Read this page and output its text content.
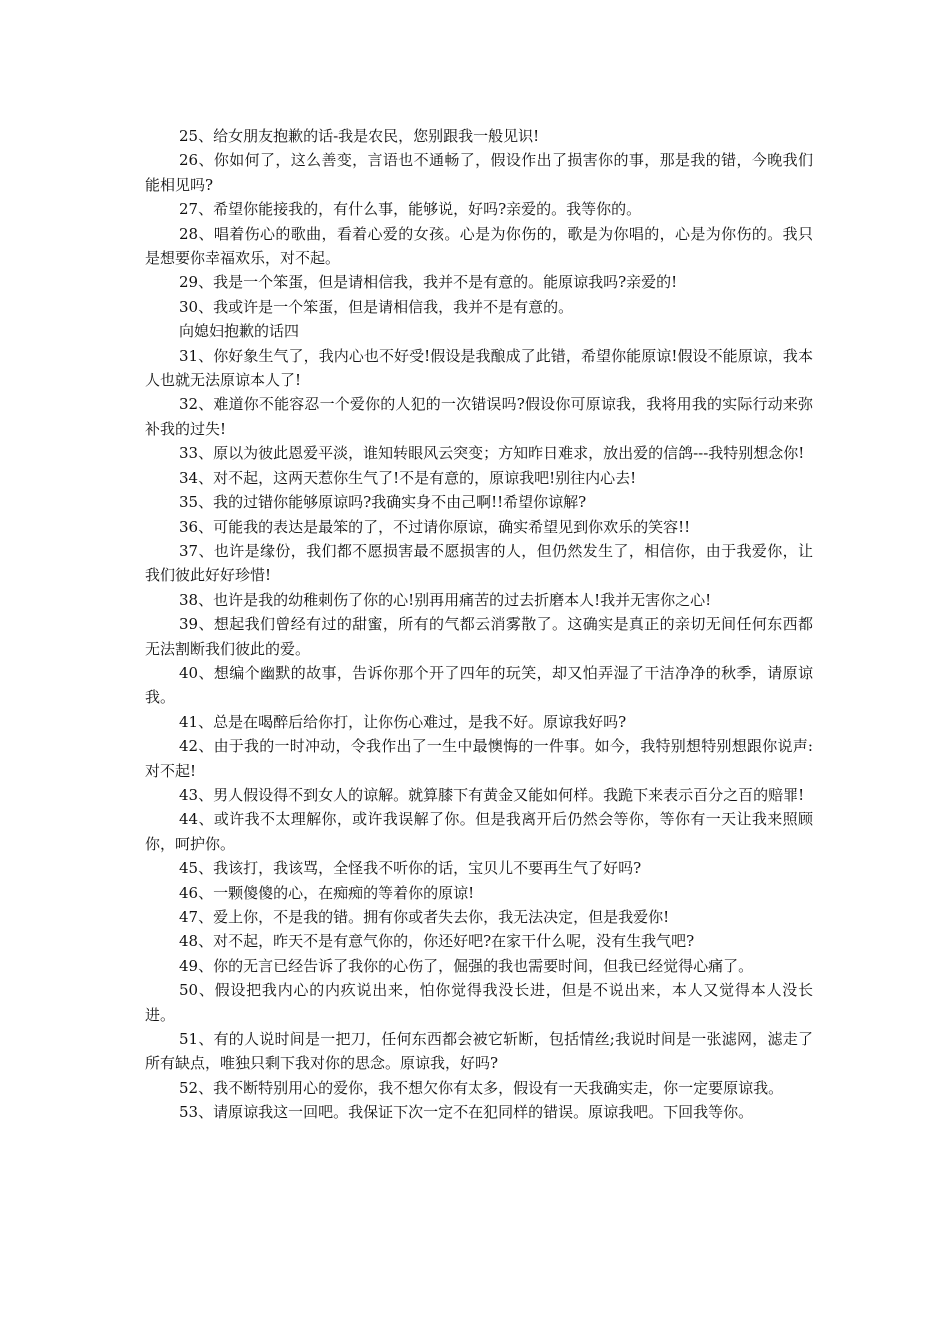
25、给女朋友抱歉的话-我是农民，您别跟我一般见识!

26、你如何了，这么善变，言语也不通畅了，假设作出了损害你的事，那是我的错，今晚我们能相见吗?

27、希望你能接我的，有什么事，能够说，好吗?亲爱的。我等你的。

28、唱着伤心的歌曲，看着心爱的女孩。心是为你伤的，歌是为你唱的，心是为你伤的。我只是想要你幸福欢乐，对不起。

29、我是一个笨蛋，但是请相信我，我并不是有意的。能原谅我吗?亲爱的!

30、我或许是一个笨蛋，但是请相信我，我并不是有意的。

向媳妇抱歉的话四

31、你好象生气了，我内心也不好受!假设是我酿成了此错，希望你能原谅!假设不能原谅，我本人也就无法原谅本人了!

32、难道你不能容忍一个爱你的人犯的一次错误吗?假设你可原谅我，我将用我的实际行动来弥补我的过失!

33、原以为彼此恩爱平淡，谁知转眼风云突变；方知昨日难求，放出爱的信鸽---我特别想念你!

34、对不起，这两天惹你生气了!不是有意的，原谅我吧!别往内心去!

35、我的过错你能够原谅吗?我确实身不由己啊!!希望你谅解?

36、可能我的表达是最笨的了，不过请你原谅，确实希望见到你欢乐的笑容!!

37、也许是缘份，我们都不愿损害最不愿损害的人，但仍然发生了，相信你，由于我爱你，让我们彼此好好珍惜!

38、也许是我的幼稚刺伤了你的心!别再用痛苦的过去折磨本人!我并无害你之心!

39、想起我们曾经有过的甜蜜，所有的气都云消雾散了。这确实是真正的亲切无间任何东西都无法割断我们彼此的爱。

40、想编个幽默的故事，告诉你那个开了四年的玩笑，却又怕弄湿了干洁净净的秋季，请原谅我。

41、总是在喝醉后给你打，让你伤心难过，是我不好。原谅我好吗?

42、由于我的一时冲动，令我作出了一生中最懊悔的一件事。如今，我特别想特别想跟你说声:对不起!

43、男人假设得不到女人的谅解。就算膝下有黄金又能如何样。我跪下来表示百分之百的赔罪!

44、或许我不太理解你，或许我误解了你。但是我离开后仍然会等你，等你有一天让我来照顾你，呵护你。

45、我该打，我该骂，全怪我不听你的话，宝贝儿不要再生气了好吗?

46、一颗傻傻的心，在痴痴的等着你的原谅!

47、爱上你，不是我的错。拥有你或者失去你，我无法决定，但是我爱你!

48、对不起，昨天不是有意气你的，你还好吧?在家干什么呢，没有生我气吧?

49、你的无言已经告诉了我你的心伤了，倔强的我也需要时间，但我已经觉得心痛了。

50、假设把我内心的内疚说出来，怕你觉得我没长进，但是不说出来，本人又觉得本人没长进。

51、有的人说时间是一把刀，任何东西都会被它斩断，包括情丝;我说时间是一张滤网，滤走了所有缺点，唯独只剩下我对你的思念。原谅我，好吗?

52、我不断特别用心的爱你，我不想欠你有太多，假设有一天我确实走，你一定要原谅我。

53、请原谅我这一回吧。我保证下次一定不在犯同样的错误。原谅我吧。下回我等你。
